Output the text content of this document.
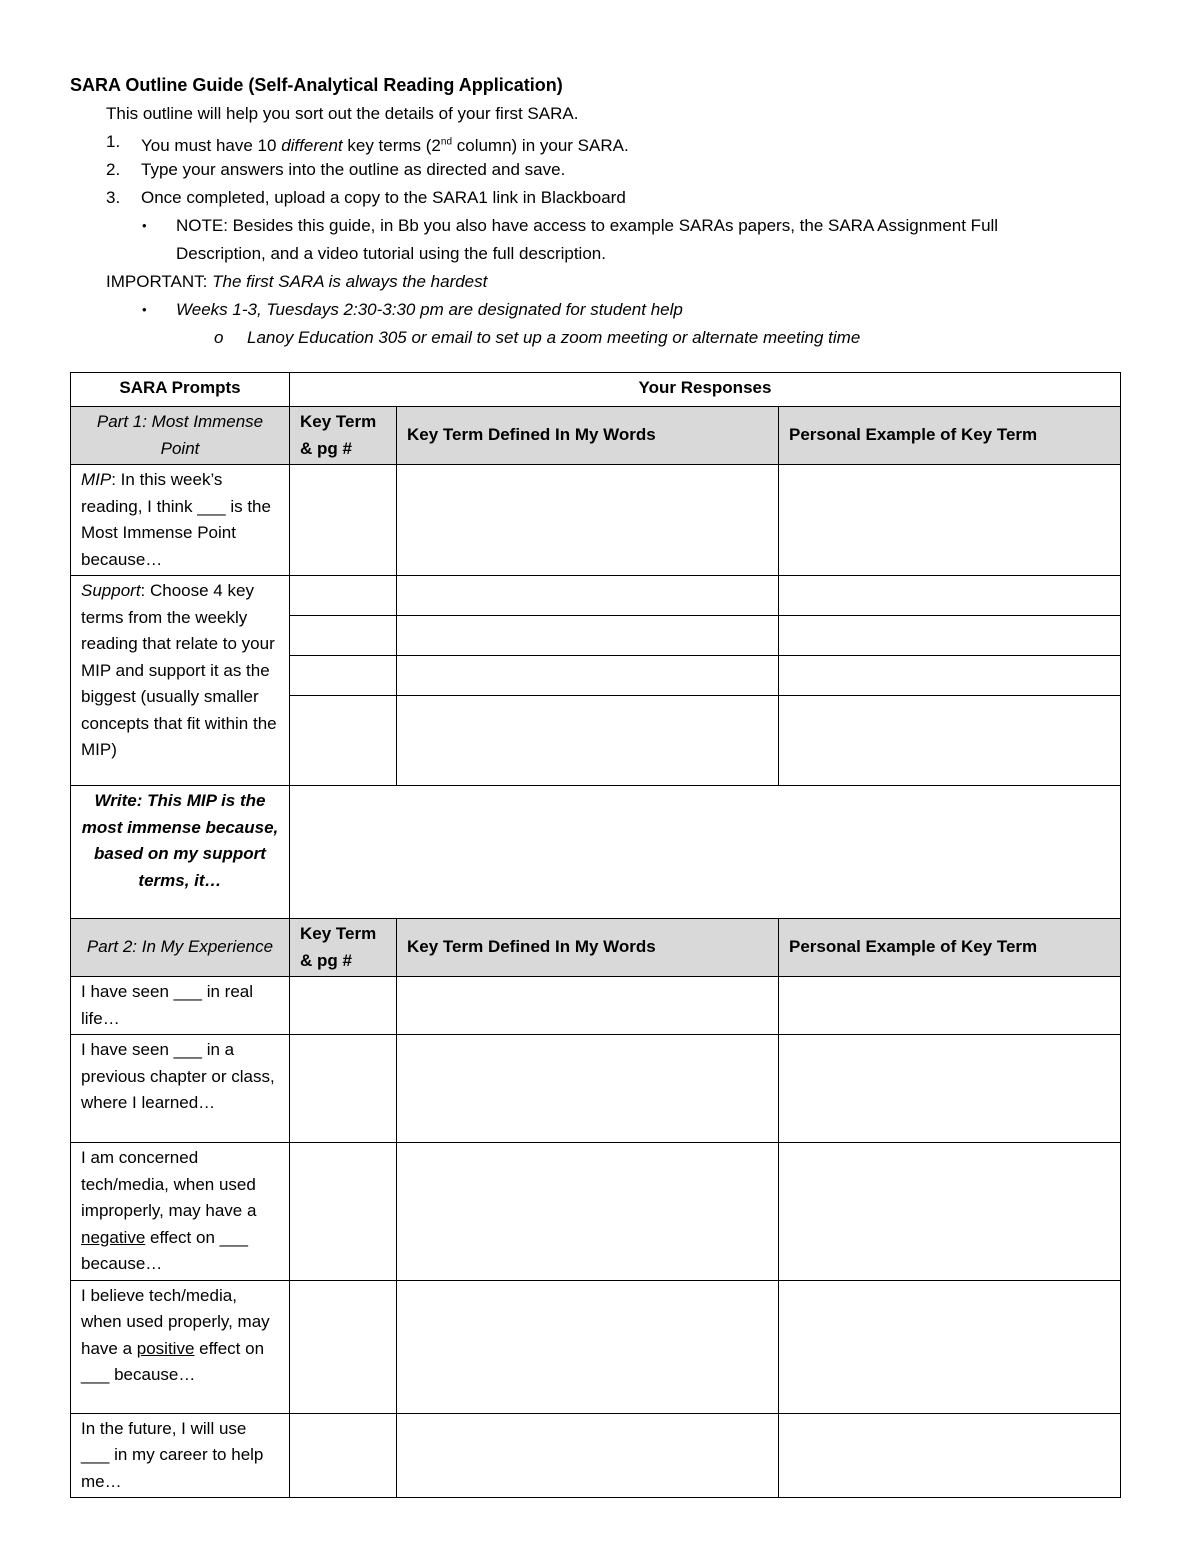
SARA Outline Guide (Self-Analytical Reading Application)
This outline will help you sort out the details of your first SARA.
1. You must have 10 different key terms (2nd column) in your SARA.
2. Type your answers into the outline as directed and save.
3. Once completed, upload a copy to the SARA1 link in Blackboard
• NOTE: Besides this guide, in Bb you also have access to example SARAs papers, the SARA Assignment Full
Description, and a video tutorial using the full description.
IMPORTANT: The first SARA is always the hardest
• Weeks 1-3, Tuesdays 2:30-3:30 pm are designated for student help
o Lanoy Education 305 or email to set up a zoom meeting or alternate meeting time
SARA Prompts	Your Responses		
Part 1: Most Immense Point	Key Term & pg #	Key Term Defined In My Words	Personal Example of Key Term
MIP: In this week’s reading, I think ___ is the Most Immense Point because…			
Support: Choose 4 key terms from the weekly reading that relate to your MIP and support it as the biggest (usually smaller concepts that fit within the MIP)			

Write: This MIP is the most immense because, based on my support terms, it…			
Part 2: In My Experience	Key Term & pg #	Key Term Defined In My Words	Personal Example of Key Term
I have seen ___ in real life…			
I have seen ___ in a previous chapter or class, where I learned…			
I am concerned tech/media, when used improperly, may have a negative effect on ___ because…			
I believe tech/media, when used properly, may have a positive effect on ___ because…			
In the future, I will use ___ in my career to help me…			
